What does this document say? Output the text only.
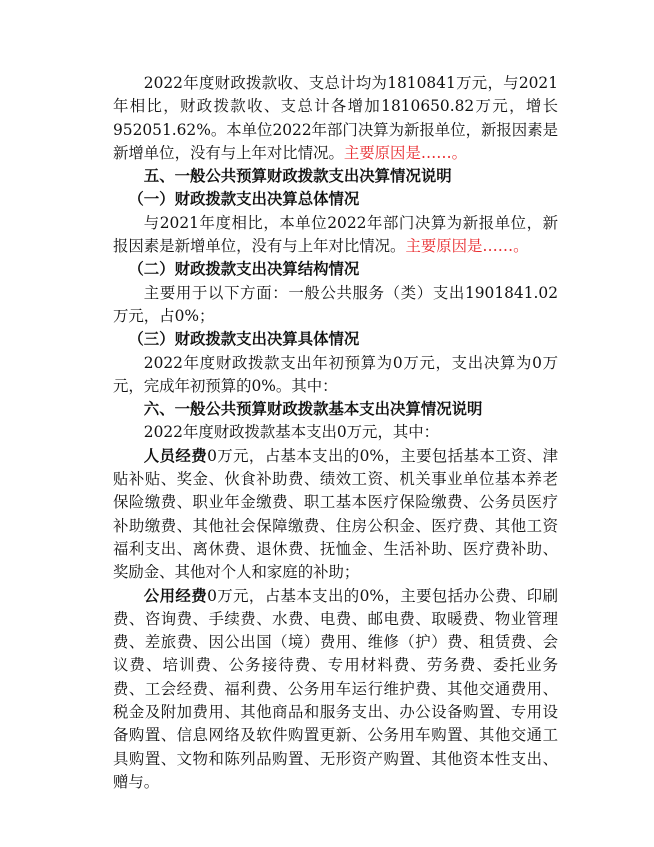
2022年度财政拨款收、支总计均为1810841万元，与2021年相比，财政拨款收、支总计各增加1810650.82万元，增长952051.62%。本单位2022年部门决算为新报单位，新报因素是新增单位，没有与上年对比情况。主要原因是……。

五、一般公共预算财政拨款支出决算情况说明

（一）财政拨款支出决算总体情况

与2021年度相比，本单位2022年部门决算为新报单位，新报因素是新增单位，没有与上年对比情况。主要原因是……。

（二）财政拨款支出决算结构情况

主要用于以下方面：一般公共服务（类）支出1901841.02万元，占0%；

（三）财政拨款支出决算具体情况

2022年度财政拨款支出年初预算为0万元，支出决算为0万元，完成年初预算的0%。其中：

六、一般公共预算财政拨款基本支出决算情况说明

2022年度财政拨款基本支出0万元，其中：

人员经费0万元，占基本支出的0%，主要包括基本工资、津贴补贴、奖金、伙食补助费、绩效工资、机关事业单位基本养老保险缴费、职业年金缴费、职工基本医疗保险缴费、公务员医疗补助缴费、其他社会保障缴费、住房公积金、医疗费、其他工资福利支出、离休费、退休费、抚恤金、生活补助、医疗费补助、奖励金、其他对个人和家庭的补助；

公用经费0万元，占基本支出的0%，主要包括办公费、印刷费、咨询费、手续费、水费、电费、邮电费、取暖费、物业管理费、差旅费、因公出国（境）费用、维修（护）费、租赁费、会议费、培训费、公务接待费、专用材料费、劳务费、委托业务费、工会经费、福利费、公务用车运行维护费、其他交通费用、税金及附加费用、其他商品和服务支出、办公设备购置、专用设备购置、信息网络及软件购置更新、公务用车购置、其他交通工具购置、文物和陈列品购置、无形资产购置、其他资本性支出、赠与。
